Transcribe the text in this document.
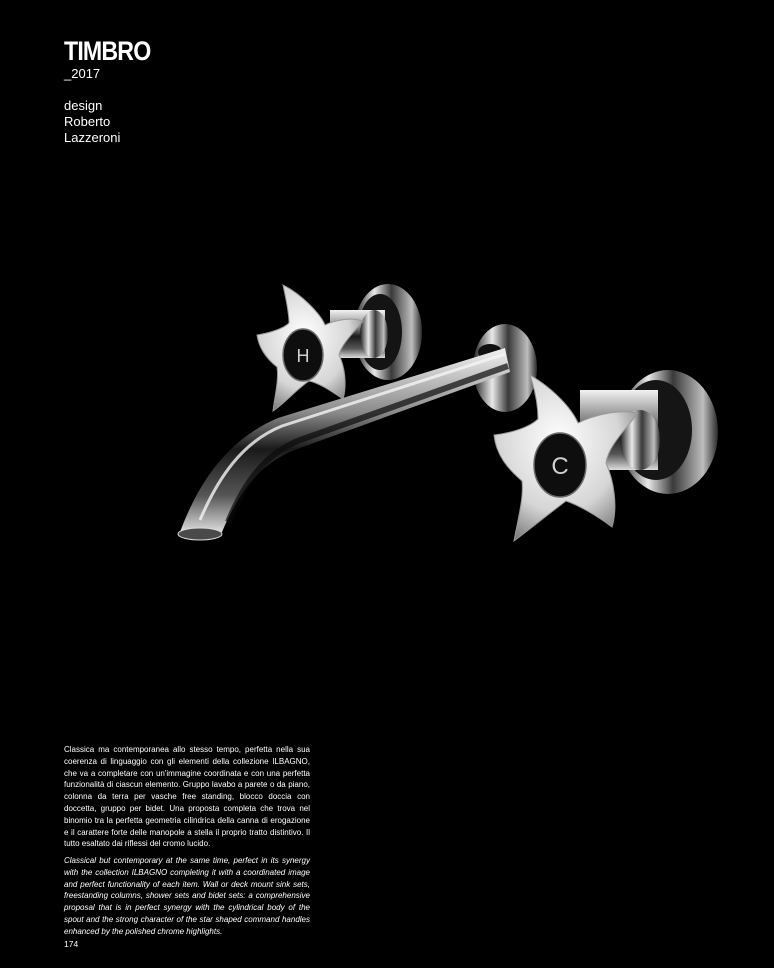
TIMBRO
_2017
design
Roberto
Lazzeroni
H
C
Classica ma contemporanea allo stesso tempo, perfetta nella sua coerenza di linguaggio con gli elementi della collezione ILBAGNO, che va a completare con un'immagine coordinata e con una perfetta funzionalità di ciascun elemento. Gruppo lavabo a parete o da piano, colonna da terra per vasche free standing, blocco doccia con doccetta, gruppo per bidet. Una proposta completa che trova nel binomio tra la perfetta geometria cilindrica della canna di erogazione e il carattere forte delle manopole a stella il proprio tratto distintivo. Il tutto esaltato dai riflessi del cromo lucido.
Classical but contemporary at the same time, perfect in its synergy with the collection ILBAGNO completing it with a coordinated image and perfect functionality of each item. Wall or deck mount sink sets, freestanding columns, shower sets and bidet sets: a comprehensive proposal that is in perfect synergy with the cylindrical body of the spout and the strong character of the star shaped command handles enhanced by the polished chrome highlights.
174
